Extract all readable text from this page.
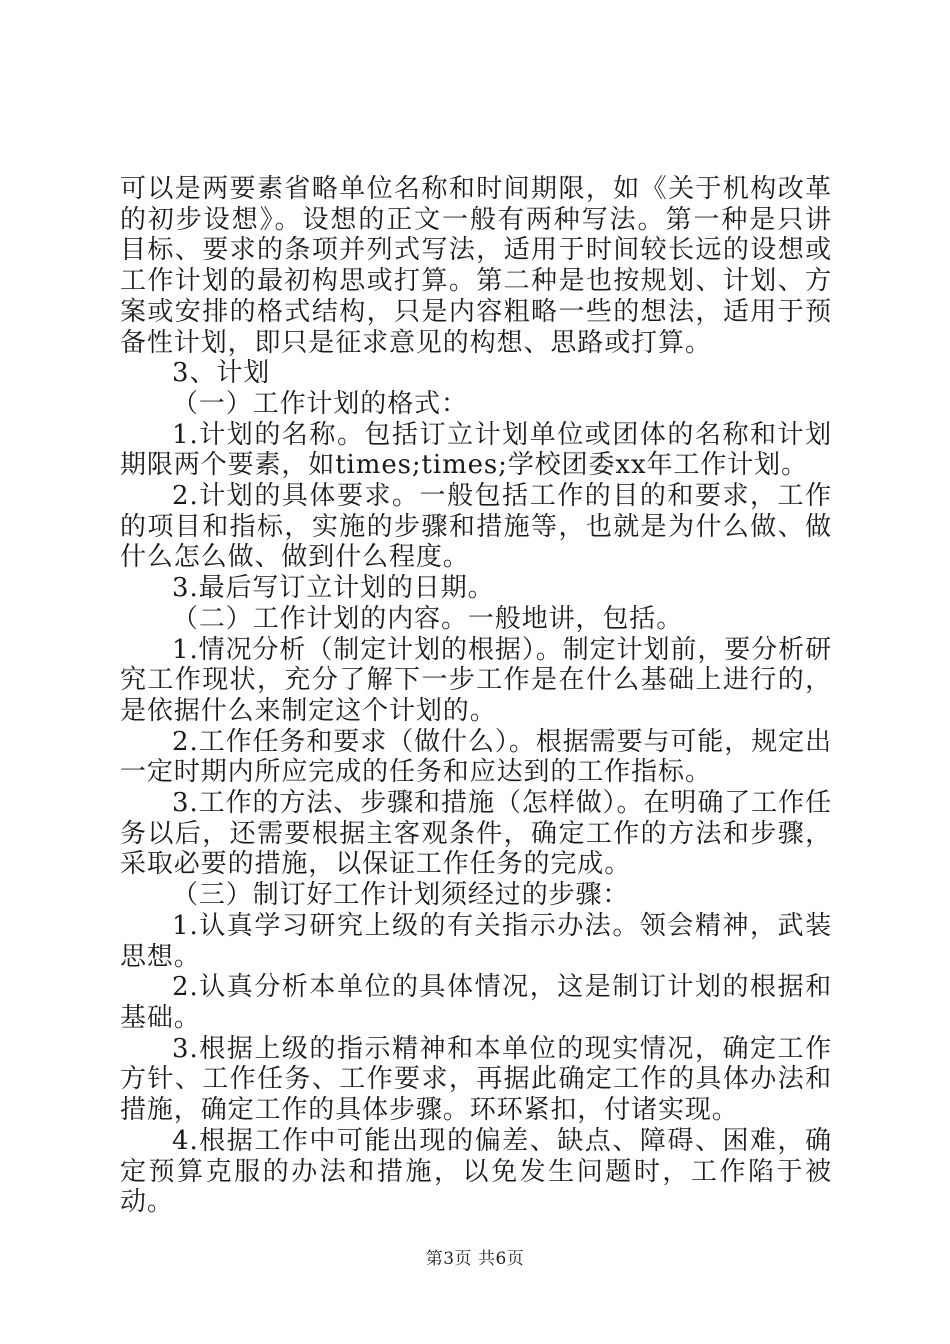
可以是两要素省略单位名称和时间期限，如《关于机构改革的初步设想》。设想的正文一般有两种写法。第一种是只讲目标、要求的条项并列式写法，适用于时间较长远的设想或工作计划的最初构思或打算。第二种是也按规划、计划、方案或安排的格式结构，只是内容粗略一些的想法，适用于预备性计划，即只是征求意见的构想、思路或打算。

3、计划

（一）工作计划的格式：

1.计划的名称。包括订立计划单位或团体的名称和计划期限两个要素，如times;times;学校团委xx年工作计划。

2.计划的具体要求。一般包括工作的目的和要求，工作的项目和指标，实施的步骤和措施等，也就是为什么做、做什么怎么做、做到什么程度。

3.最后写订立计划的日期。

（二）工作计划的内容。一般地讲，包括。

1.情况分析（制定计划的根据）。制定计划前，要分析研究工作现状，充分了解下一步工作是在什么基础上进行的，是依据什么来制定这个计划的。

2.工作任务和要求（做什么）。根据需要与可能，规定出一定时期内所应完成的任务和应达到的工作指标。

3.工作的方法、步骤和措施（怎样做）。在明确了工作任务以后，还需要根据主客观条件，确定工作的方法和步骤，采取必要的措施，以保证工作任务的完成。

（三）制订好工作计划须经过的步骤：

1.认真学习研究上级的有关指示办法。领会精神，武装思想。

2.认真分析本单位的具体情况，这是制订计划的根据和基础。

3.根据上级的指示精神和本单位的现实情况，确定工作方针、工作任务、工作要求，再据此确定工作的具体办法和措施，确定工作的具体步骤。环环紧扣，付诸实现。

4.根据工作中可能出现的偏差、缺点、障碍、困难，确定预算克服的办法和措施，以免发生问题时，工作陷于被动。

第3页 共6页
